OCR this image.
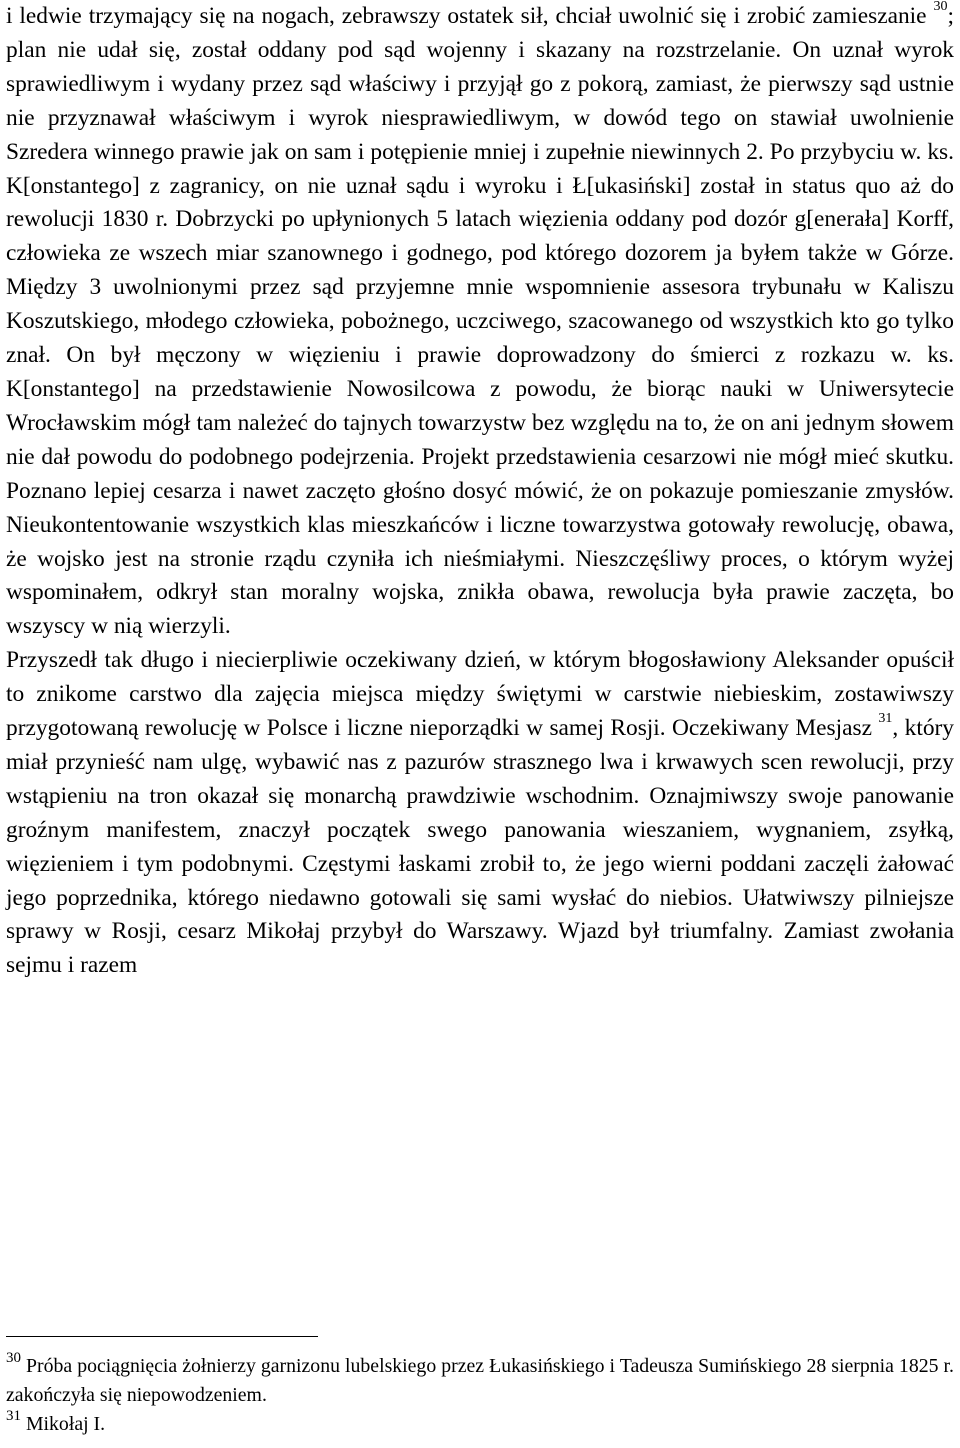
i ledwie trzymający się na nogach, zebrawszy ostatek sił, chciał uwolnić się i zrobić zamieszanie $^{30}$; plan nie udał się, został oddany pod sąd wojenny i skazany na rozstrzelanie. On uznał wyrok sprawiedliwym i wydany przez sąd właściwy i przyjął go z pokorą, zamiast, że pierwszy sąd ustnie nie przyznawał właściwym i wyrok niesprawiedliwym, w dowód tego on stawiał uwolnienie Szredera winnego prawie jak on sam i potępienie mniej i zupełnie niewinnych 2. Po przybyciu w. ks. K[onstantego] z zagranicy, on nie uznał sądu i wyroku i Ł[ukasiński] został in status quo aż do rewolucji 1830 r. Dobrzycki po upłynionych 5 latach więzienia oddany pod dozór g[enerała] Korff, człowieka ze wszech miar szanownego i godnego, pod którego dozorem ja byłem także w Górze. Między 3 uwolnionymi przez sąd przyjemne mnie wspomnienie assesora trybunału w Kaliszu Koszutskiego, młodego człowieka, pobożnego, uczciwego, szacowanego od wszystkich kto go tylko znał. On był męczony w więzieniu i prawie doprowadzony do śmierci z rozkazu w. ks. K[onstantego] na przedstawienie Nowosilcowa z powodu, że biorąc nauki w Uniwersytecie Wrocławskim mógł tam należeć do tajnych towarzystw bez względu na to, że on ani jednym słowem nie dał powodu do podobnego podejrzenia. Projekt przedstawienia cesarzowi nie mógł mieć skutku. Poznano lepiej cesarza i nawet zaczęto głośno dosyć mówić, że on pokazuje pomieszanie zmysłów. Nieukontentowanie wszystkich klas mieszkańców i liczne towarzystwa gotowały rewolucję, obawa, że wojsko jest na stronie rządu czyniła ich nieśmiałymi. Nieszczęśliwy proces, o którym wyżej wspominałem, odkrył stan moralny wojska, znikła obawa, rewolucja była prawie zaczęta, bo wszyscy w nią wierzyli.

Przyszedł tak długo i niecierpliwie oczekiwany dzień, w którym błogosławiony Aleksander opuścił to znikome carstwo dla zajęcia miejsca między świętymi w carstwie niebieskim, zostawiwszy przygotowaną rewolucję w Polsce i liczne nieporządki w samej Rosji. Oczekiwany Mesjasz $^{31}$, który miał przynieść nam ulgę, wybawić nas z pazurów strasznego lwa i krwawych scen rewolucji, przy wstąpieniu na tron okazał się monarchą prawdziwie wschodnim. Oznajmiwszy swoje panowanie groźnym manifestem, znaczył początek swego panowania wieszaniem, wygnaniem, zsyłką, więzieniem i tym podobnymi. Częstymi łaskami zrobił to, że jego wierni poddani zaczęli żałować jego poprzednika, którego niedawno gotowali się sami wysłać do niebios. Ułatwiwszy pilniejsze sprawy w Rosji, cesarz Mikołaj przybył do Warszawy. Wjazd był triumfalny. Zamiast zwołania sejmu i razem

$^{30}$ Próba pociągnięcia żołnierzy garnizonu lubelskiego przez Łukasińskiego i Tadeusza Sumińskiego 28 sierpnia 1825 r. zakończyła się niepowodzeniem.

$^{31}$ Mikołaj I.
